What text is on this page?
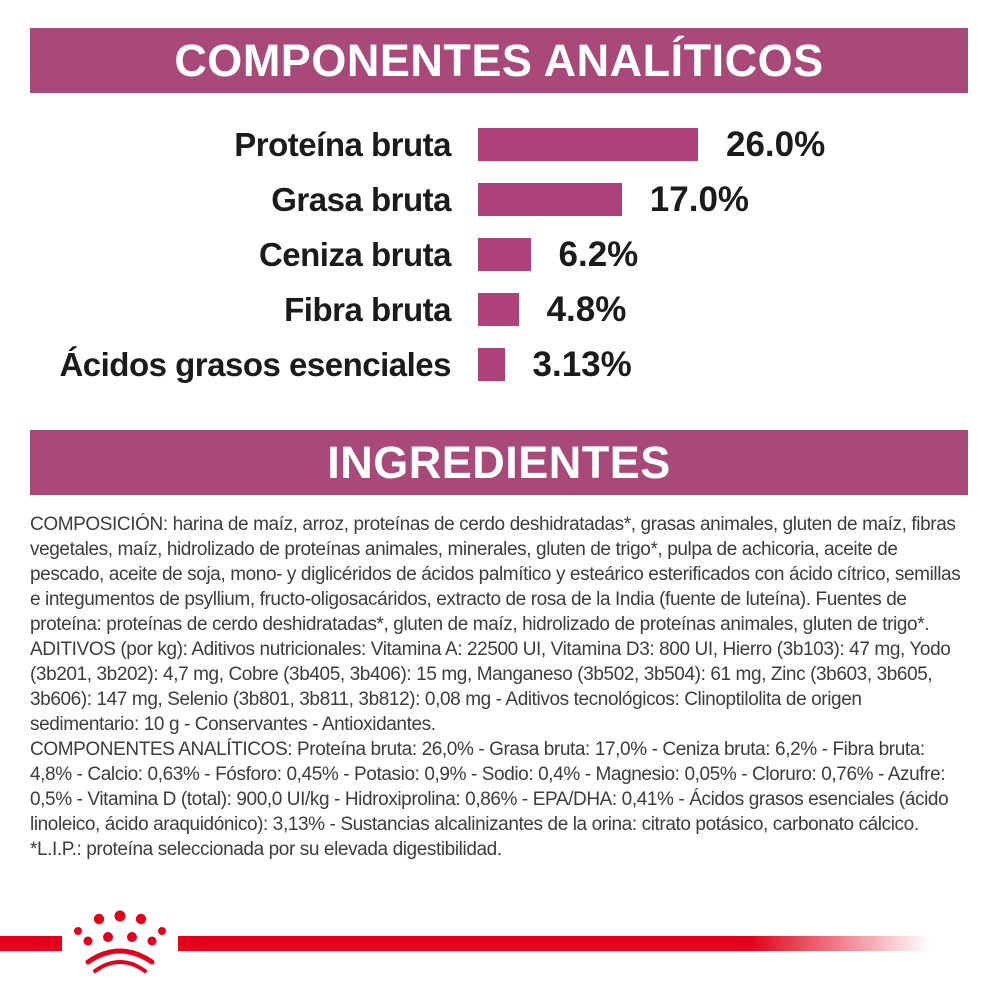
COMPONENTES ANALÍTICOS
Proteína bruta	26.0%
Grasa bruta	17.0%
Ceniza bruta	6.2%
Fibra bruta	4.8%
Ácidos grasos esenciales	3.13%
INGREDIENTES

COMPOSICIÓN: harina de maíz, arroz, proteínas de cerdo deshidratadas*, grasas animales, gluten de maíz, fibras vegetales, maíz, hidrolizado de proteínas animales, minerales, gluten de trigo*, pulpa de achicoria, aceite de pescado, aceite de soja, mono- y diglicéridos de ácidos palmítico y esteárico esterificados con ácido cítrico, semillas e integumentos de psyllium, fructo-oligosacáridos, extracto de rosa de la India (fuente de luteína). Fuentes de proteína: proteínas de cerdo deshidratadas*, gluten de maíz, hidrolizado de proteínas animales, gluten de trigo*.

ADITIVOS (por kg): Aditivos nutricionales: Vitamina A: 22500 UI, Vitamina D3: 800 UI, Hierro (3b103): 47 mg, Yodo (3b201, 3b202): 4,7 mg, Cobre (3b405, 3b406): 15 mg, Manganeso (3b502, 3b504): 61 mg, Zinc (3b603, 3b605, 3b606): 147 mg, Selenio (3b801, 3b811, 3b812): 0,08 mg - Aditivos tecnológicos: Clinoptilolita de origen sedimentario: 10 g - Conservantes - Antioxidantes.

COMPONENTES ANALÍTICOS: Proteína bruta: 26,0% - Grasa bruta: 17,0% - Ceniza bruta: 6,2% - Fibra bruta: 4,8% - Calcio: 0,63% - Fósforo: 0,45% - Potasio: 0,9% - Sodio: 0,4% - Magnesio: 0,05% - Cloruro: 0,76% - Azufre: 0,5% - Vitamina D (total): 900,0 UI/kg - Hidroxiprolina: 0,86% - EPA/DHA: 0,41% - Ácidos grasos esenciales (ácido linoleico, ácido araquidónico): 3,13% - Sustancias alcalinizantes de la orina: citrato potásico, carbonato cálcico.

*L.I.P.: proteína seleccionada por su elevada digestibilidad.
